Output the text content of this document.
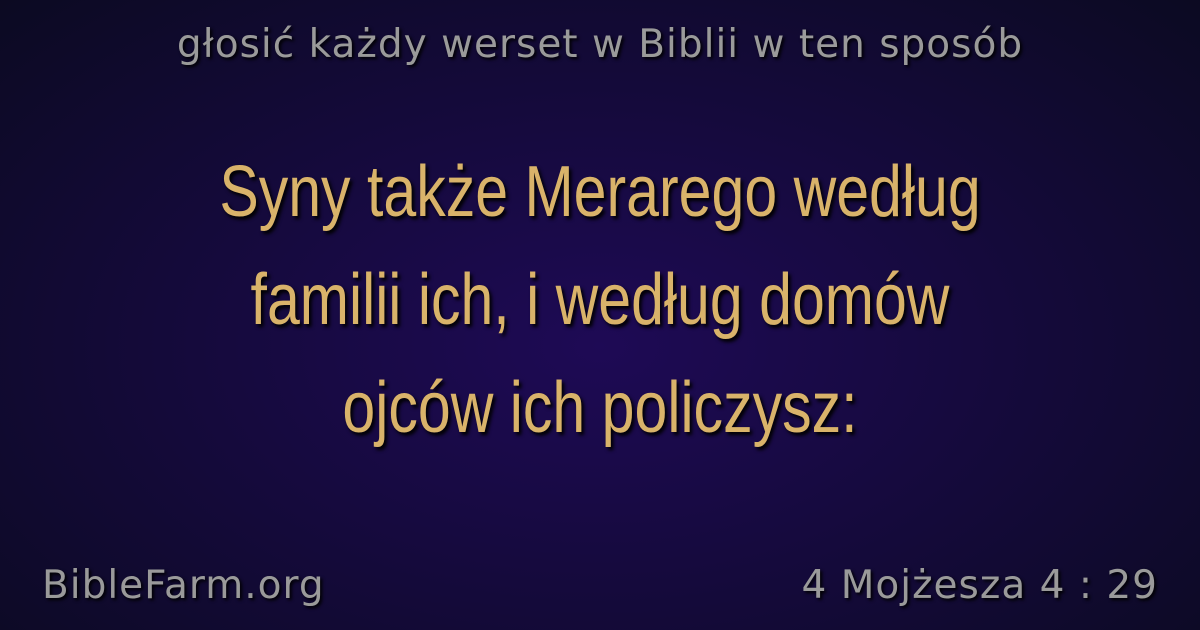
głosić każdy werset w Biblii w ten sposób
Syny także Merarego według
familii ich, i według domów
ojców ich policzysz:
BibleFarm.org	4 Mojżesza 4 : 29
